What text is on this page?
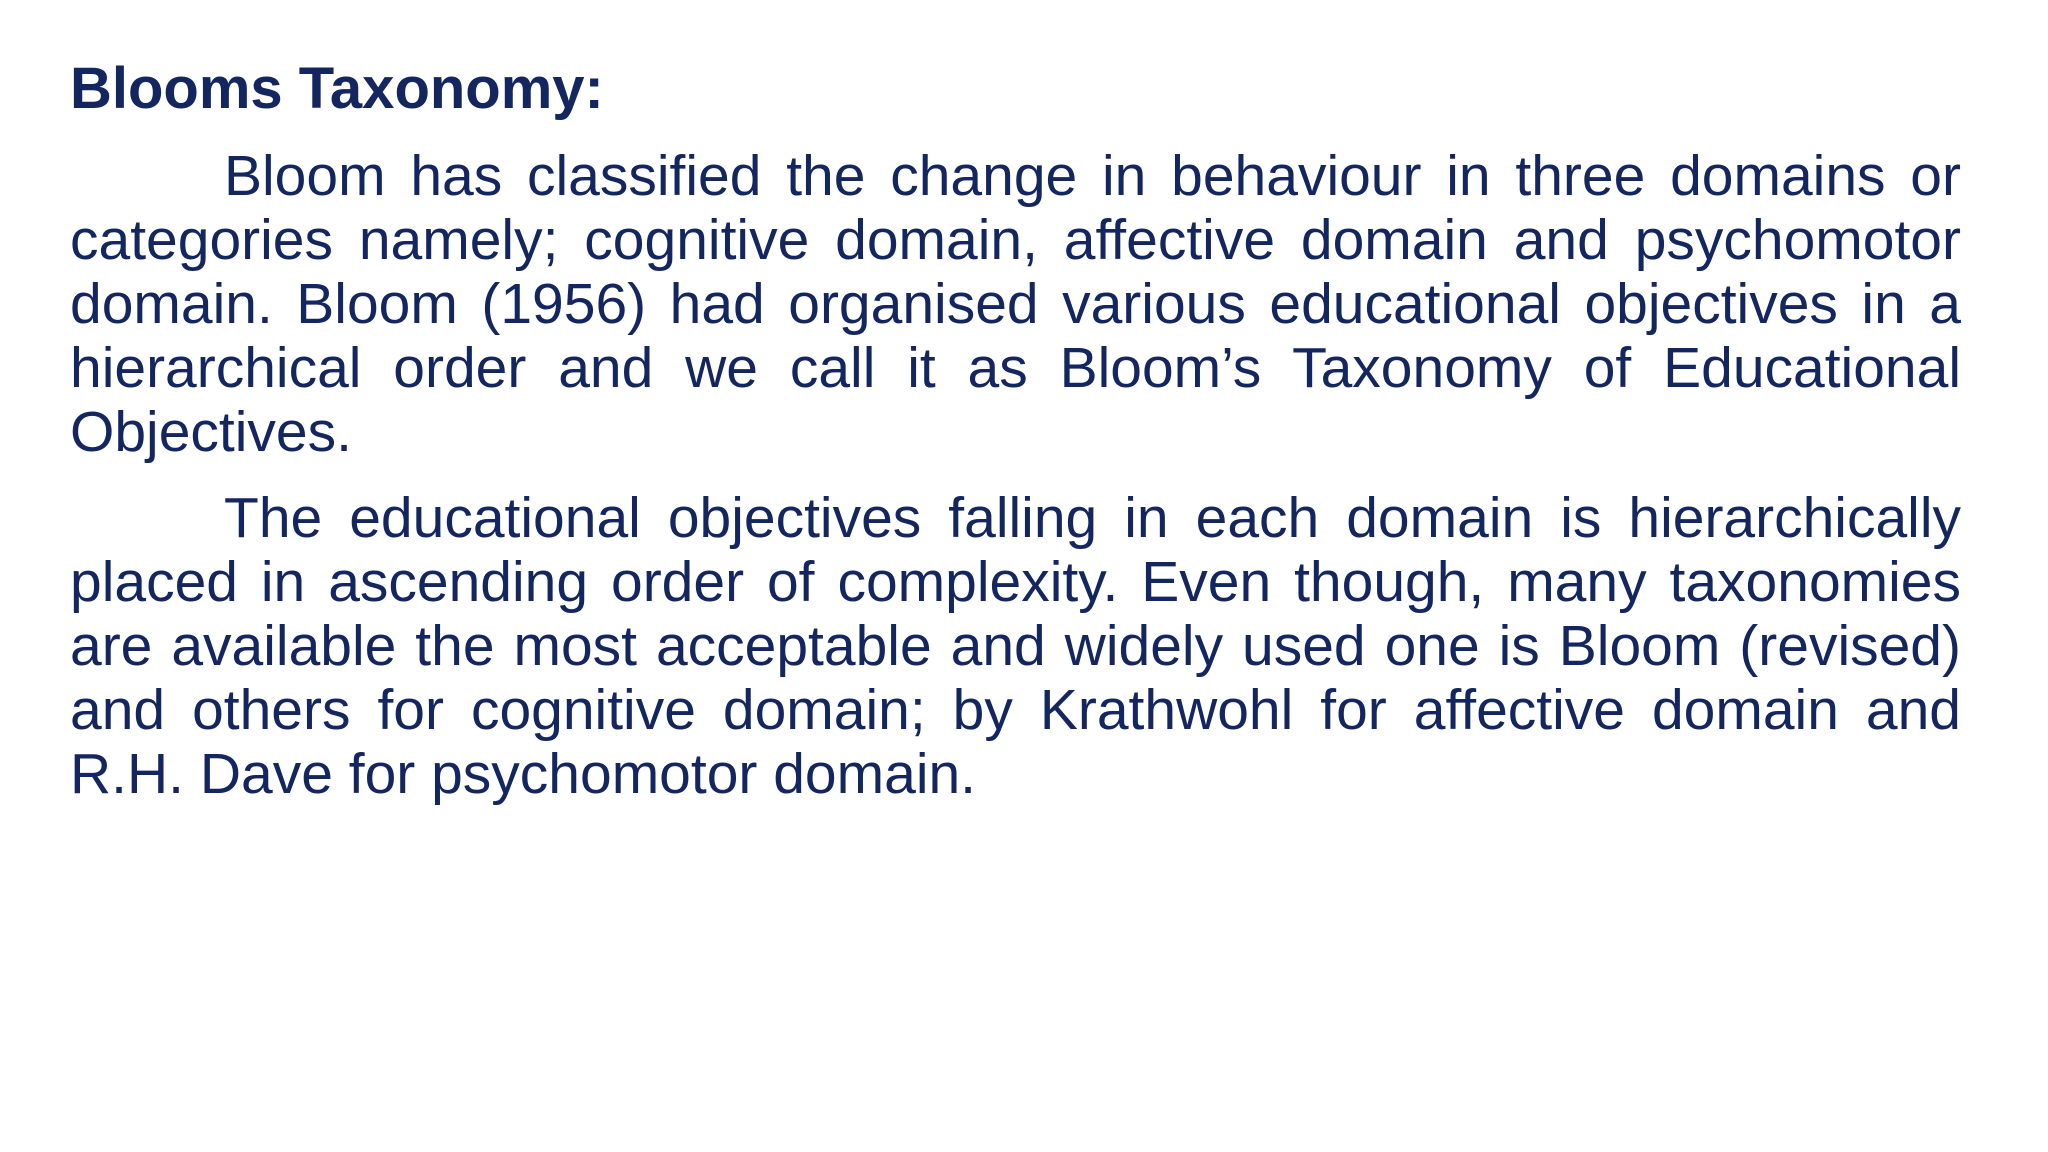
Blooms Taxonomy:

Bloom has classified the change in behaviour in three domains or categories namely; cognitive domain, affective domain and psychomotor domain. Bloom (1956) had organised various educational objectives in a hierarchical order and we call it as Bloom’s Taxonomy of Educational Objectives.

The educational objectives falling in each domain is hierarchically placed in ascending order of complexity. Even though, many taxonomies are available the most acceptable and widely used one is Bloom (revised) and others for cognitive domain; by Krathwohl for affective domain and R.H. Dave for psychomotor domain.
